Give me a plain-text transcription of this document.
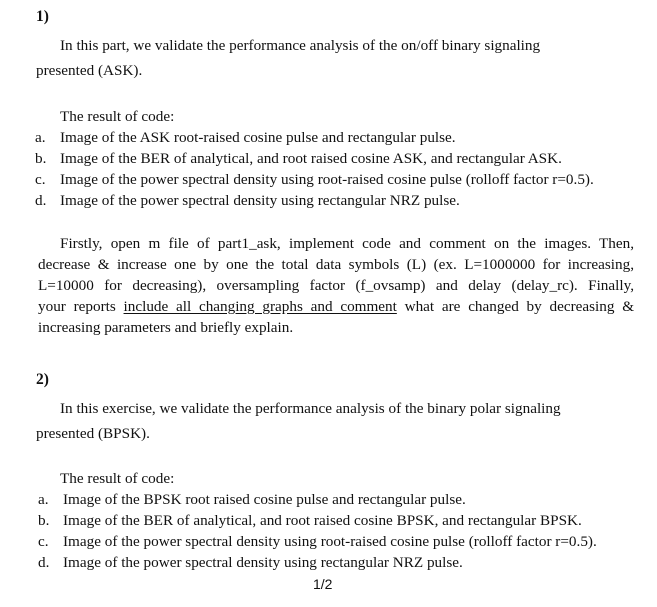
1)
In this part, we validate the performance analysis of the on/off binary signaling
presented (ASK).
The result of code:
a. Image of the ASK root-raised cosine pulse and rectangular pulse.
b. Image of the BER of analytical, and root raised cosine ASK, and rectangular ASK.
c. Image of the power spectral density using root-raised cosine pulse (rolloff factor r=0.5).
d. Image of the power spectral density using rectangular NRZ pulse.
Firstly, open m file of part1_ask, implement code and comment on the images. Then,
decrease & increase one by one the total data symbols (L) (ex. L=1000000 for increasing,
L=10000 for decreasing), oversampling factor (f_ovsamp) and delay (delay_rc). Finally,
your reports include all changing graphs and comment what are changed by decreasing &
increasing parameters and briefly explain.
2)
In this exercise, we validate the performance analysis of the binary polar signaling
presented (BPSK).
The result of code:
a. Image of the BPSK root raised cosine pulse and rectangular pulse.
b. Image of the BER of analytical, and root raised cosine BPSK, and rectangular BPSK.
c. Image of the power spectral density using root-raised cosine pulse (rolloff factor r=0.5).
d. Image of the power spectral density using rectangular NRZ pulse.
1/2
